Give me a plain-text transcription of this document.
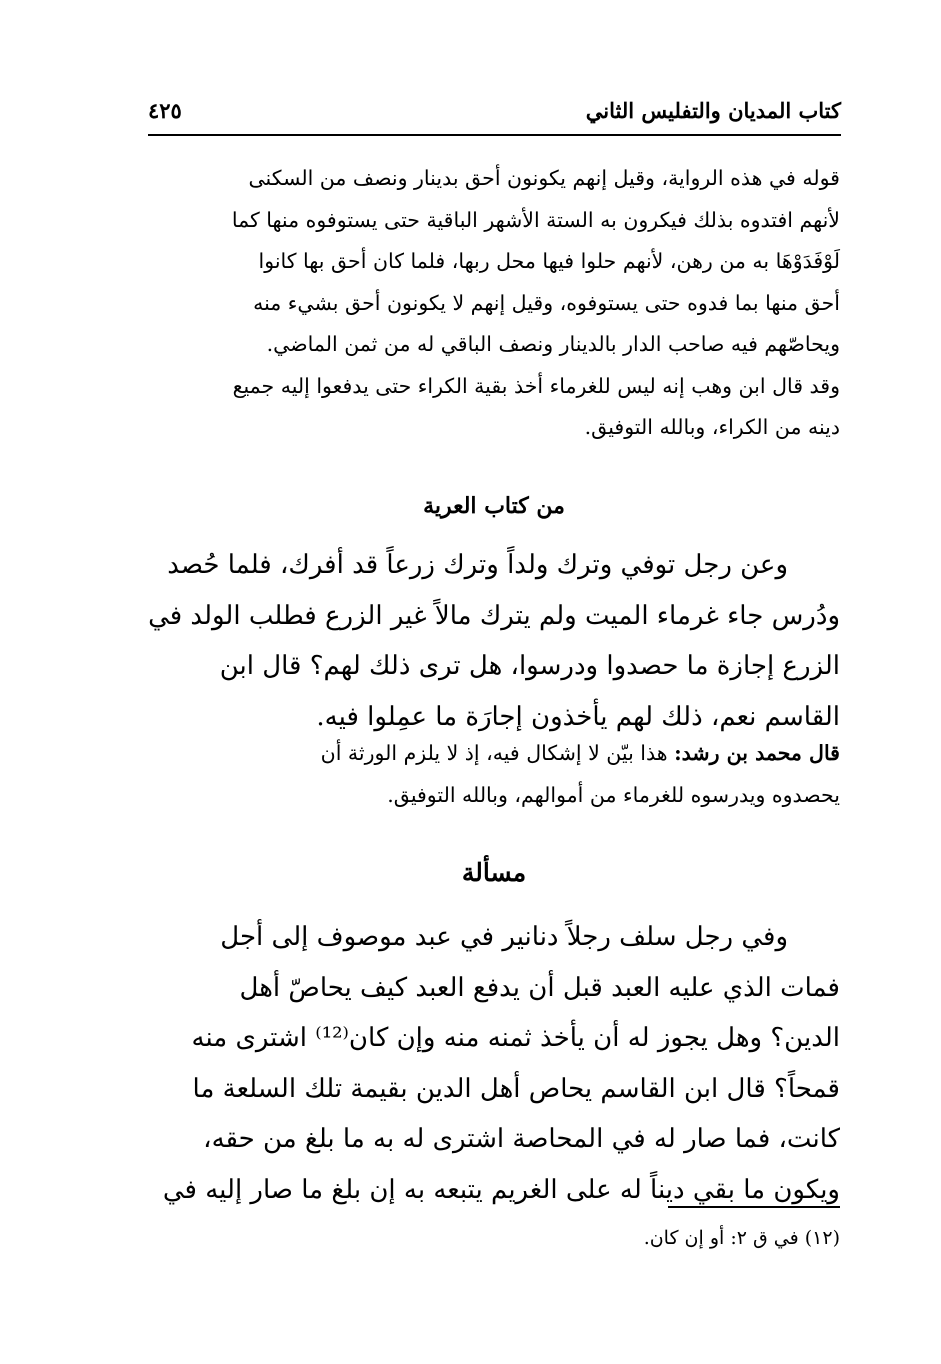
كتاب المديان والتفليس الثاني
٤٢٥
قوله في هذه الرواية، وقيل إنهم يكونون أحق بدينار ونصف من السكنى
لأنهم افتدوه بذلك فيكرون به الستة الأشهر الباقية حتى يستوفوه منها كما
لَوْفَدَوْهَا به من رهن، لأنهم حلوا فيها محل ربها، فلما كان أحق بها كانوا
أحق منها بما فدوه حتى يستوفوه، وقيل إنهم لا يكونون أحق بشيء منه
ويحاصّهم فيه صاحب الدار بالدينار ونصف الباقي له من ثمن الماضي.
وقد قال ابن وهب إنه ليس للغرماء أخذ بقية الكراء حتى يدفعوا إليه جميع
دينه من الكراء، وبالله التوفيق.
من كتاب العرية
وعن رجل توفي وترك ولداً وترك زرعاً قد أفرك، فلما حُصد
ودُرس جاء غرماء الميت ولم يترك مالاً غير الزرع فطلب الولد في
الزرع إجازة ما حصدوا ودرسوا، هل ترى ذلك لهم؟ قال ابن
القاسم نعم، ذلك لهم يأخذون إجارَة ما عمِلوا فيه.
قال محمد بن رشد: هذا بيّن لا إشكال فيه، إذ لا يلزم الورثة أن
يحصدوه ويدرسوه للغرماء من أموالهم، وبالله التوفيق.
مسألة
وفي رجل سلف رجلاً دنانير في عبد موصوف إلى أجل
فمات الذي عليه العبد قبل أن يدفع العبد كيف يحاصّ أهل
الدين؟ وهل يجوز له أن يأخذ ثمنه منه وإن كان⁽¹²⁾ اشترى منه
قمحاً؟ قال ابن القاسم يحاص أهل الدين بقيمة تلك السلعة ما
كانت، فما صار له في المحاصة اشترى له به ما بلغ من حقه،
ويكون ما بقي ديناً له على الغريم يتبعه به إن بلغ ما صار إليه في
(١٢) في ق ٢: أو إن كان.
